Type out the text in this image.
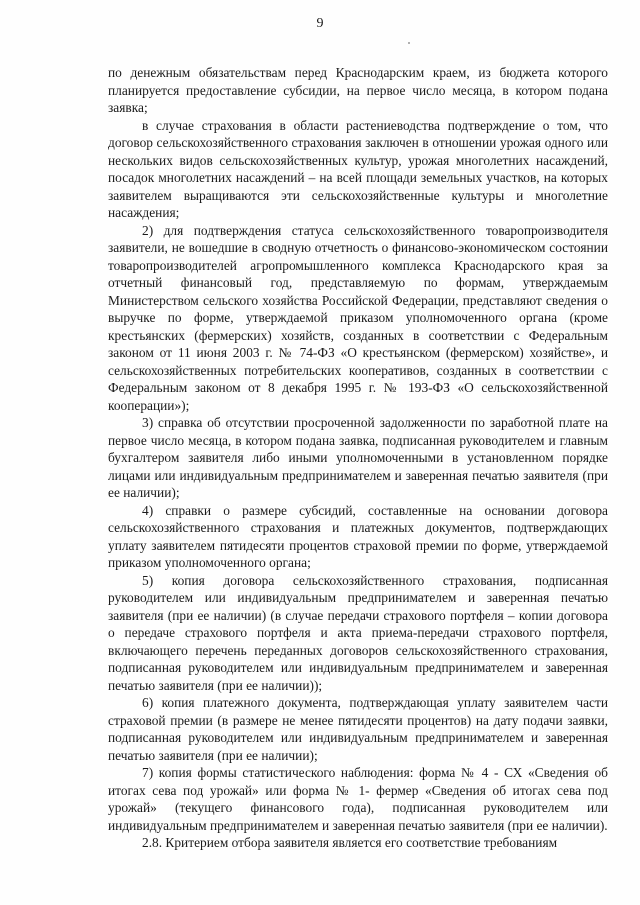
9

по денежным обязательствам перед Краснодарским краем, из бюджета которого планируется предоставление субсидии, на первое число месяца, в котором подана заявка;

в случае страхования в области растениеводства подтверждение о том, что договор сельскохозяйственного страхования заключен в отношении урожая одного или нескольких видов сельскохозяйственных культур, урожая многолетних насаждений, посадок многолетних насаждений – на всей площади земельных участков, на которых заявителем выращиваются эти сельскохозяйственные культуры и многолетние насаждения;

2) для подтверждения статуса сельскохозяйственного товаропроизводителя заявители, не вошедшие в сводную отчетность о финансово-экономическом состоянии товаропроизводителей агропромышленного комплекса Краснодарского края за отчетный финансовый год, представляемую по формам, утверждаемым Министерством сельского хозяйства Российской Федерации, представляют сведения о выручке по форме, утверждаемой приказом уполномоченного органа (кроме крестьянских (фермерских) хозяйств, созданных в соответствии с Федеральным законом от 11 июня 2003 г. № 74-ФЗ «О крестьянском (фермерском) хозяйстве», и сельскохозяйственных потребительских кооперативов, созданных в соответствии с Федеральным законом от 8 декабря 1995 г. № 193-ФЗ «О сельскохозяйственной кооперации»);

3) справка об отсутствии просроченной задолженности по заработной плате на первое число месяца, в котором подана заявка, подписанная руководителем и главным бухгалтером заявителя либо иными уполномоченными в установленном порядке лицами или индивидуальным предпринимателем и заверенная печатью заявителя (при ее наличии);

4) справки о размере субсидий, составленные на основании договора сельскохозяйственного страхования и платежных документов, подтверждающих уплату заявителем пятидесяти процентов страховой премии по форме, утверждаемой приказом уполномоченного органа;

5) копия договора сельскохозяйственного страхования, подписанная руководителем или индивидуальным предпринимателем и заверенная печатью заявителя (при ее наличии) (в случае передачи страхового портфеля – копии договора о передаче страхового портфеля и акта приема-передачи страхового портфеля, включающего перечень переданных договоров сельскохозяйственного страхования, подписанная руководителем или индивидуальным предпринимателем и заверенная печатью заявителя (при ее наличии));

6) копия платежного документа, подтверждающая уплату заявителем части страховой премии (в размере не менее пятидесяти процентов) на дату подачи заявки, подписанная руководителем или индивидуальным предпринимателем и заверенная печатью заявителя (при ее наличии);

7) копия формы статистического наблюдения: форма № 4 - СХ «Сведения об итогах сева под урожай» или форма № 1- фермер «Сведения об итогах сева под урожай» (текущего финансового года), подписанная руководителем или индивидуальным предпринимателем и заверенная печатью заявителя (при ее наличии).

2.8. Критерием отбора заявителя является его соответствие требованиям
